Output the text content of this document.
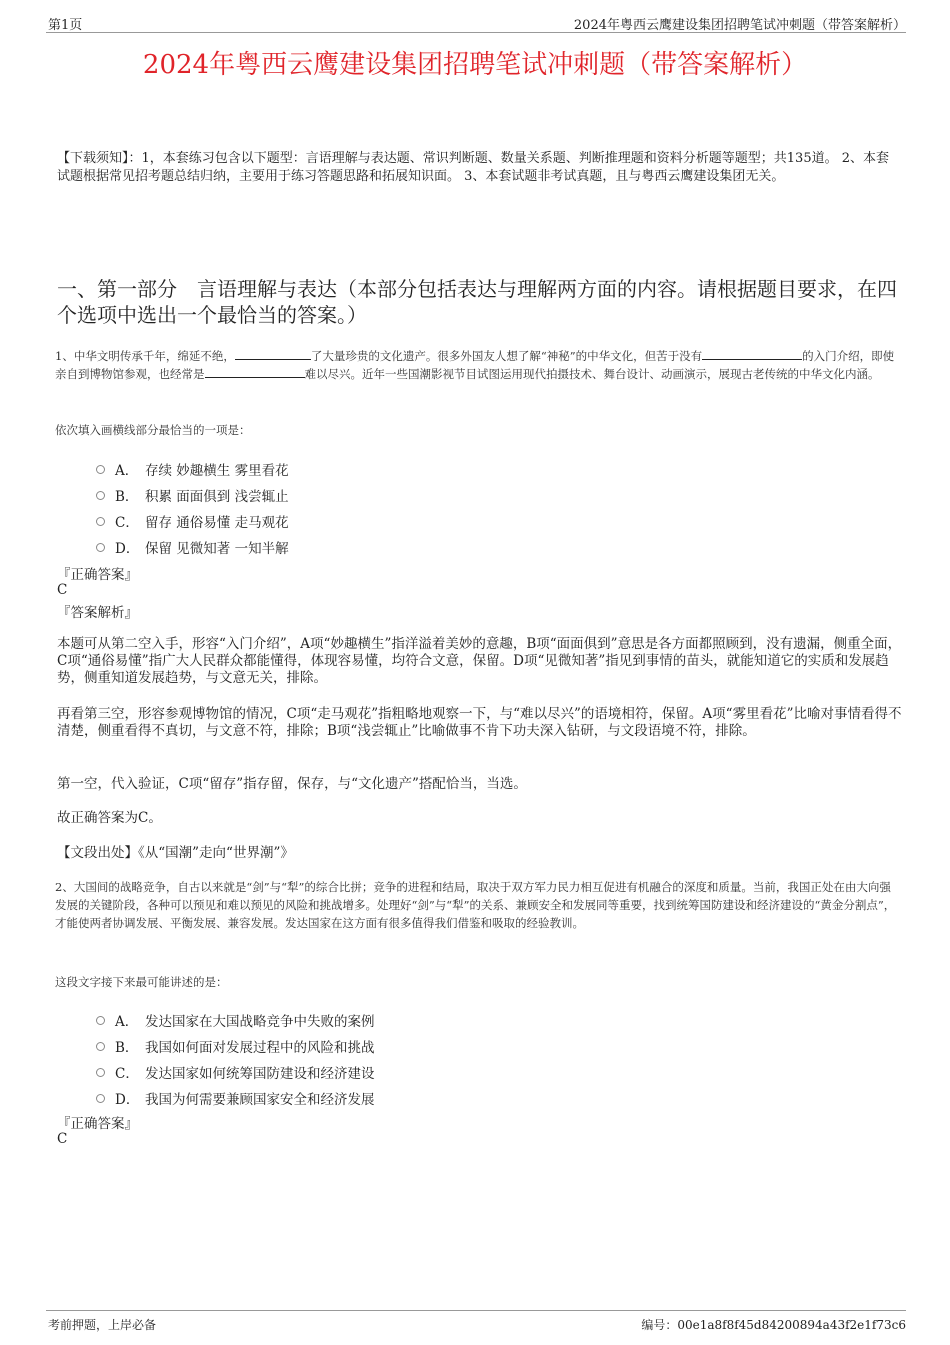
第1页	2024年粤西云鹰建设集团招聘笔试冲刺题（带答案解析）
2024年粤西云鹰建设集团招聘笔试冲刺题（带答案解析）
【下载须知】：1，本套练习包含以下题型：言语理解与表达题、常识判断题、数量关系题、判断推理题和资料分析题等题型；共135道。 2、本套试题根据常见招考题总结归纳，主要用于练习答题思路和拓展知识面。 3、本套试题非考试真题，且与粤西云鹰建设集团无关。
一、第一部分　言语理解与表达（本部分包括表达与理解两方面的内容。请根据题目要求，在四个选项中选出一个最恰当的答案。）
1、中华文明传承千年，绵延不绝，	了大量珍贵的文化遗产。很多外国友人想了解“神秘”的中华文化，但苦于没有	的入门介绍，即使亲自到博物馆参观，也经常是	难以尽兴。近年一些国潮影视节目试图运用现代拍摄技术、舞台设计、动画演示，展现古老传统的中华文化内涵。
依次填入画横线部分最恰当的一项是：
A． 存续 妙趣横生 雾里看花
B． 积累 面面俱到 浅尝辄止
C． 留存 通俗易懂 走马观花
D． 保留 见微知著 一知半解
『正确答案』
C
『答案解析』
本题可从第二空入手，形容“入门介绍”，A项“妙趣横生”指洋溢着美妙的意趣，B项“面面俱到”意思是各方面都照顾到，没有遗漏，侧重全面，C项“通俗易懂”指广大人民群众都能懂得，体现容易懂，均符合文意，保留。D项“见微知著”指见到事情的苗头，就能知道它的实质和发展趋势，侧重知道发展趋势，与文意无关，排除。
再看第三空，形容参观博物馆的情况，C项“走马观花”指粗略地观察一下，与“难以尽兴”的语境相符，保留。A项“雾里看花”比喻对事情看得不清楚，侧重看得不真切，与文意不符，排除；B项“浅尝辄止”比喻做事不肯下功夫深入钻研，与文段语境不符，排除。
第一空，代入验证，C项“留存”指存留，保存，与“文化遗产”搭配恰当，当选。
故正确答案为C。
【文段出处】《从“国潮”走向“世界潮”》
2、大国间的战略竞争，自古以来就是“剑”与“犁”的综合比拼；竞争的进程和结局，取决于双方军力民力相互促进有机融合的深度和质量。当前，我国正处在由大向强发展的关键阶段，各种可以预见和难以预见的风险和挑战增多。处理好“剑”与“犁”的关系、兼顾安全和发展同等重要，找到统筹国防建设和经济建设的“黄金分割点”，才能使两者协调发展、平衡发展、兼容发展。发达国家在这方面有很多值得我们借鉴和吸取的经验教训。
这段文字接下来最可能讲述的是：
A． 发达国家在大国战略竞争中失败的案例
B． 我国如何面对发展过程中的风险和挑战
C． 发达国家如何统筹国防建设和经济建设
D． 我国为何需要兼顾国家安全和经济发展
『正确答案』
C
考前押题，上岸必备	编号：00e1a8f8f45d84200894a43f2e1f73c6
